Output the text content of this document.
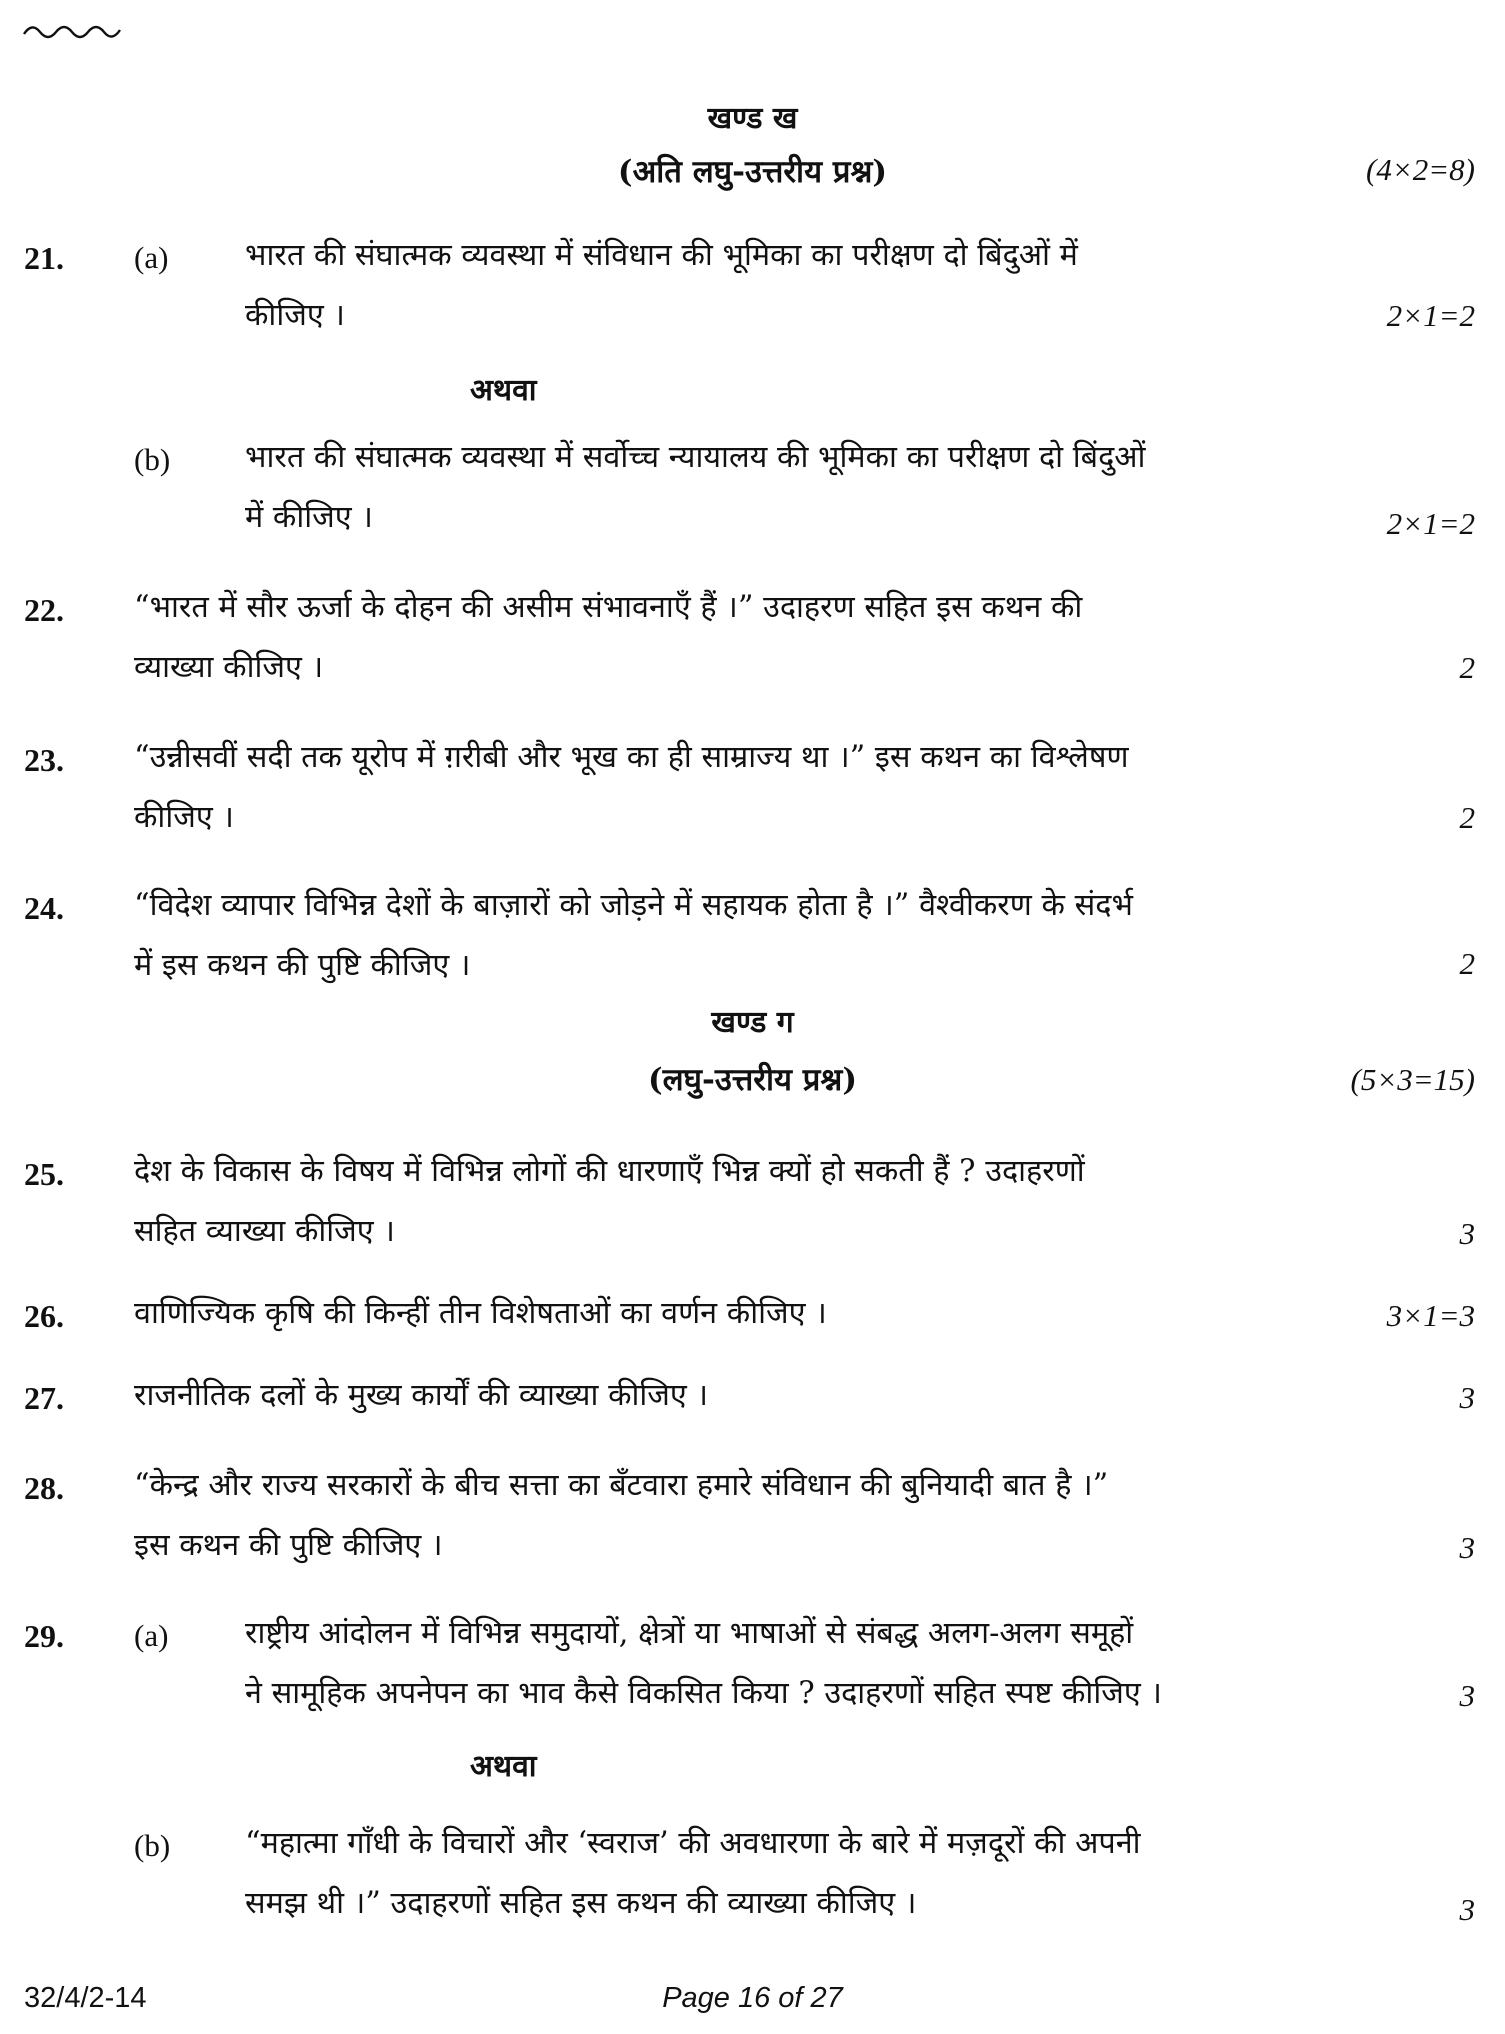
खण्ड ख
(अति लघु-उत्तरीय प्रश्न)	(4×2=8)
21. (a)	भारत की संघात्मक व्यवस्था में संविधान की भूमिका का परीक्षण दो बिंदुओं में
कीजिए ।	2×1=2
अथवा
(b) भारत की संघात्मक व्यवस्था में सर्वोच्च न्यायालय की भूमिका का परीक्षण दो बिंदुओं
में कीजिए ।	2×1=2
22. “भारत में सौर ऊर्जा के दोहन की असीम संभावनाएँ हैं ।” उदाहरण सहित इस कथन की
व्याख्या कीजिए ।	2
23. “उन्नीसवीं सदी तक यूरोप में ग़रीबी और भूख का ही साम्राज्य था ।” इस कथन का विश्लेषण
कीजिए ।	2
24. “विदेश व्यापार विभिन्न देशों के बाज़ारों को जोड़ने में सहायक होता है ।” वैश्वीकरण के संदर्भ
में इस कथन की पुष्टि कीजिए ।	2
खण्ड ग
(लघु-उत्तरीय प्रश्न)	(5×3=15)
25. देश के विकास के विषय में विभिन्न लोगों की धारणाएँ भिन्न क्यों हो सकती हैं ? उदाहरणों
सहित व्याख्या कीजिए ।	3
26. वाणिज्यिक कृषि की किन्हीं तीन विशेषताओं का वर्णन कीजिए ।	3×1=3
27. राजनीतिक दलों के मुख्य कार्यों की व्याख्या कीजिए ।	3
28. “केन्द्र और राज्य सरकारों के बीच सत्ता का बँटवारा हमारे संविधान की बुनियादी बात है ।”
इस कथन की पुष्टि कीजिए ।	3
29. (a)	राष्ट्रीय आंदोलन में विभिन्न समुदायों, क्षेत्रों या भाषाओं से संबद्ध अलग-अलग समूहों
ने सामूहिक अपनेपन का भाव कैसे विकसित किया ? उदाहरणों सहित स्पष्ट कीजिए ।	3
अथवा
(b) “महात्मा गाँधी के विचारों और ‘स्वराज’ की अवधारणा के बारे में मज़दूरों की अपनी
समझ थी ।” उदाहरणों सहित इस कथन की व्याख्या कीजिए ।	3
32/4/2-14	Page 16 of 27
